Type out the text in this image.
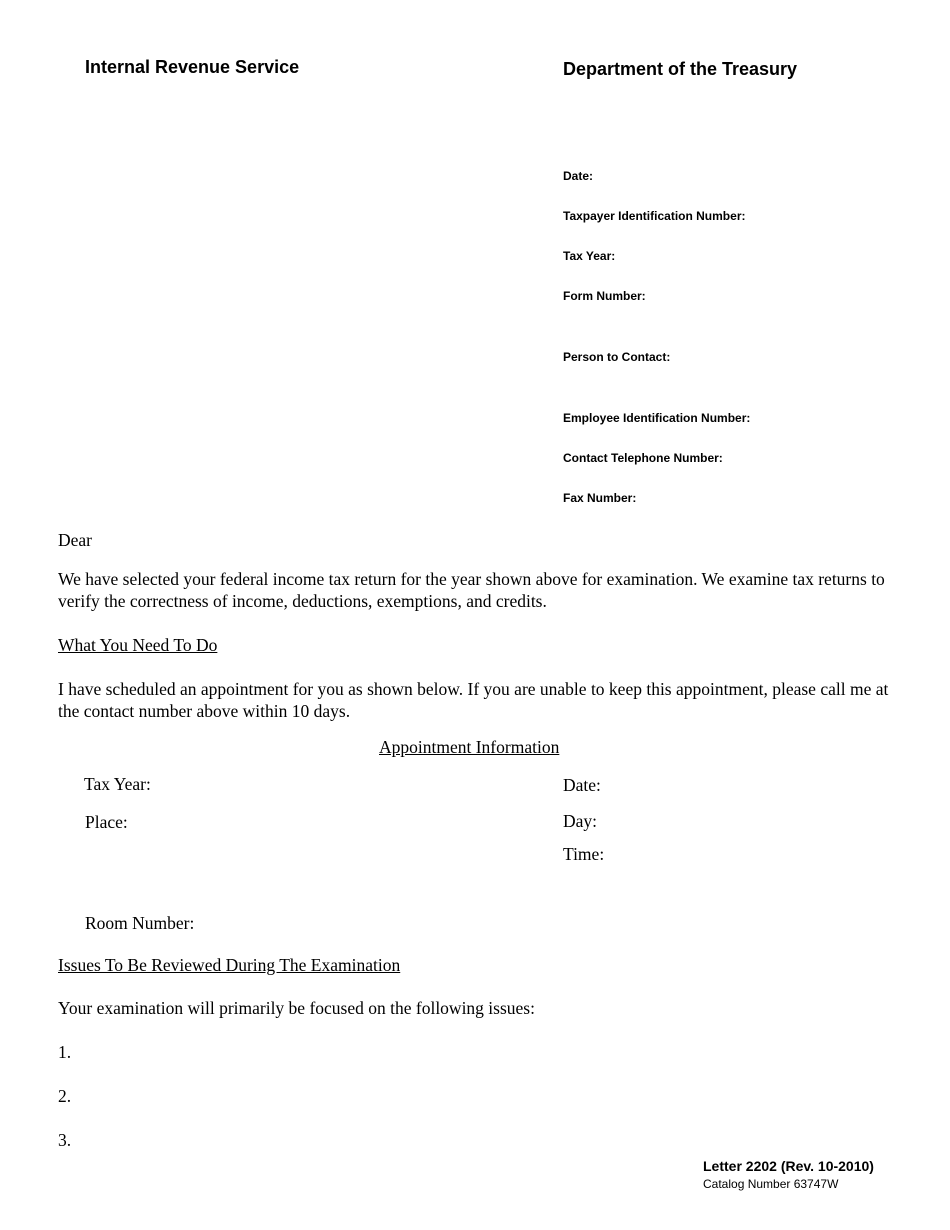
Internal Revenue Service	Department of the Treasury
Date:
Taxpayer Identification Number:
Tax Year:
Form Number:
Person to Contact:
Employee Identification Number:
Contact Telephone Number:
Fax Number:
Dear
We have selected your federal income tax return for the year shown above for examination. We examine tax returns to verify the correctness of income, deductions, exemptions, and credits.
What You Need To Do
I have scheduled an appointment for you as shown below. If you are unable to keep this appointment, please call me at the contact number above within 10 days.
Appointment Information
Tax Year:
Place:
Room Number:
Date:
Day:
Time:
Issues To Be Reviewed During The Examination
Your examination will primarily be focused on the following issues:
1.
2.
3.
Letter 2202 (Rev. 10-2010)
Catalog Number 63747W
